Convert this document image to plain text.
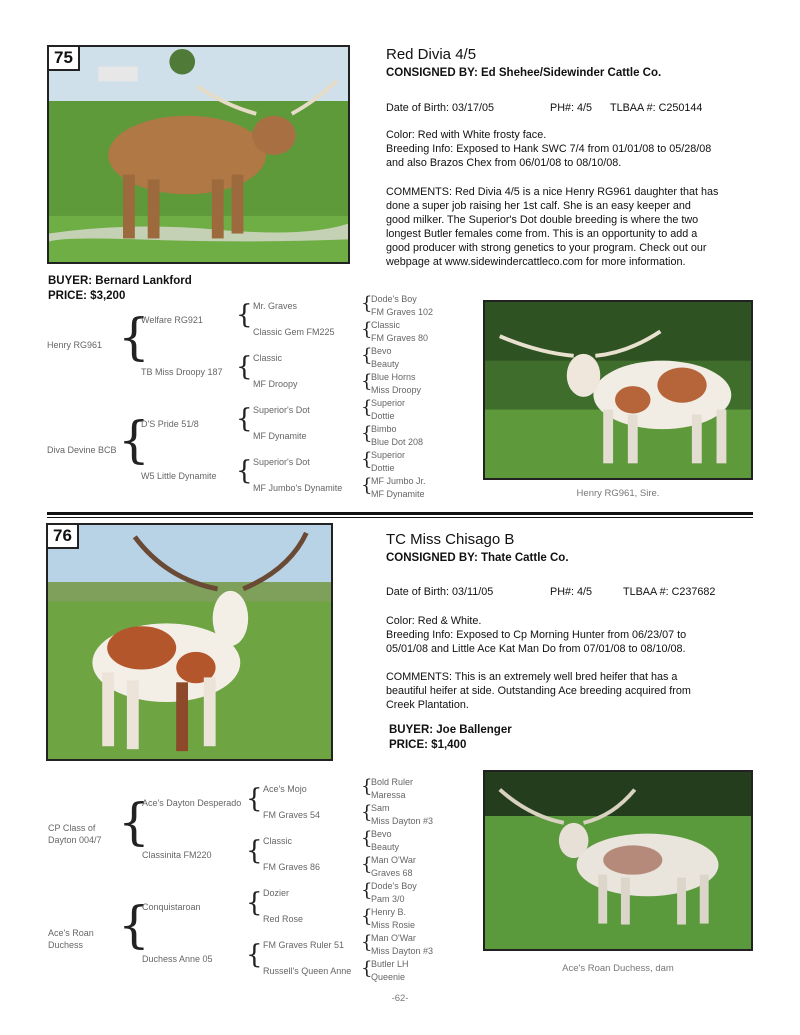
75	Red Divia 4/5
CONSIGNED BY: Ed Shehee/Sidewinder Cattle Co.
Date of Birth: 03/17/05	PH#: 4/5 TLBAA #: C250144
Color: Red with White frosty face.
Breeding Info: Exposed to Hank SWC 7/4 from 01/01/08 to 05/28/08
and also Brazos Chex from 06/01/08 to 08/10/08.
COMMENTS: Red Divia 4/5 is a nice Henry RG961 daughter that has
done a super job raising her 1st calf. She is an easy keeper and
good milker. The Superior's Dot double breeding is where the two
longest Butler females come from. This is an opportunity to add a
good producer with strong genetics to your program. Check out our
webpage at www.sidewindercattleco.com for more information.
BUYER: Bernard Lankford
PRICE: $3,200
Henry RG961
Diva Devine BCB
{
{
Welfare RG921
TB Miss Droopy 187
D'S Pride 51/8
W5 Little Dynamite
{
{
{
{
Mr. Graves
Classic Gem FM225
Classic
MF Droopy
Superior's Dot
MF Dynamite
Superior's Dot
MF Jumbo's Dynamite
{
{
{
{
{
{
{
{
Dode's Boy
FM Graves 102
Classic
FM Graves 80
Bevo
Beauty
Blue Horns
Miss Droopy
Superior
Dottie
Bimbo
Blue Dot 208
Superior
Dottie
MF Jumbo Jr.
MF Dynamite	Henry RG961, Sire.
76	TC Miss Chisago B
CONSIGNED BY: Thate Cattle Co.
Date of Birth: 03/11/05	PH#: 4/5	TLBAA #: C237682
Color: Red & White.
Breeding Info: Exposed to Cp Morning Hunter from 06/23/07 to
05/01/08 and Little Ace Kat Man Do from 07/01/08 to 08/10/08.
COMMENTS: This is an extremely well bred heifer that has a
beautiful heifer at side. Outstanding Ace breeding acquired from
Creek Plantation.
BUYER: Joe Ballenger
PRICE: $1,400
CP Class of
Dayton 004/7
Ace's Roan
Duchess
{
{
Ace's Dayton Desperado
Classinita FM220
Conquistaroan
Duchess Anne 05
{
{
{
{
Ace's Mojo
FM Graves 54
Classic
FM Graves 86
Dozier
Red Rose
FM Graves Ruler 51
Russell's Queen Anne
{
{
{
{
{
{
{
{
Bold Ruler
Maressa
Sam
Miss Dayton #3
Bevo
Beauty
Man O'War
Graves 68
Dode's Boy
Pam 3/0
Henry B.
Miss Rosie
Man O'War
Miss Dayton #3
Butler LH
Queenie
Ace's Roan Duchess, dam
-62-
